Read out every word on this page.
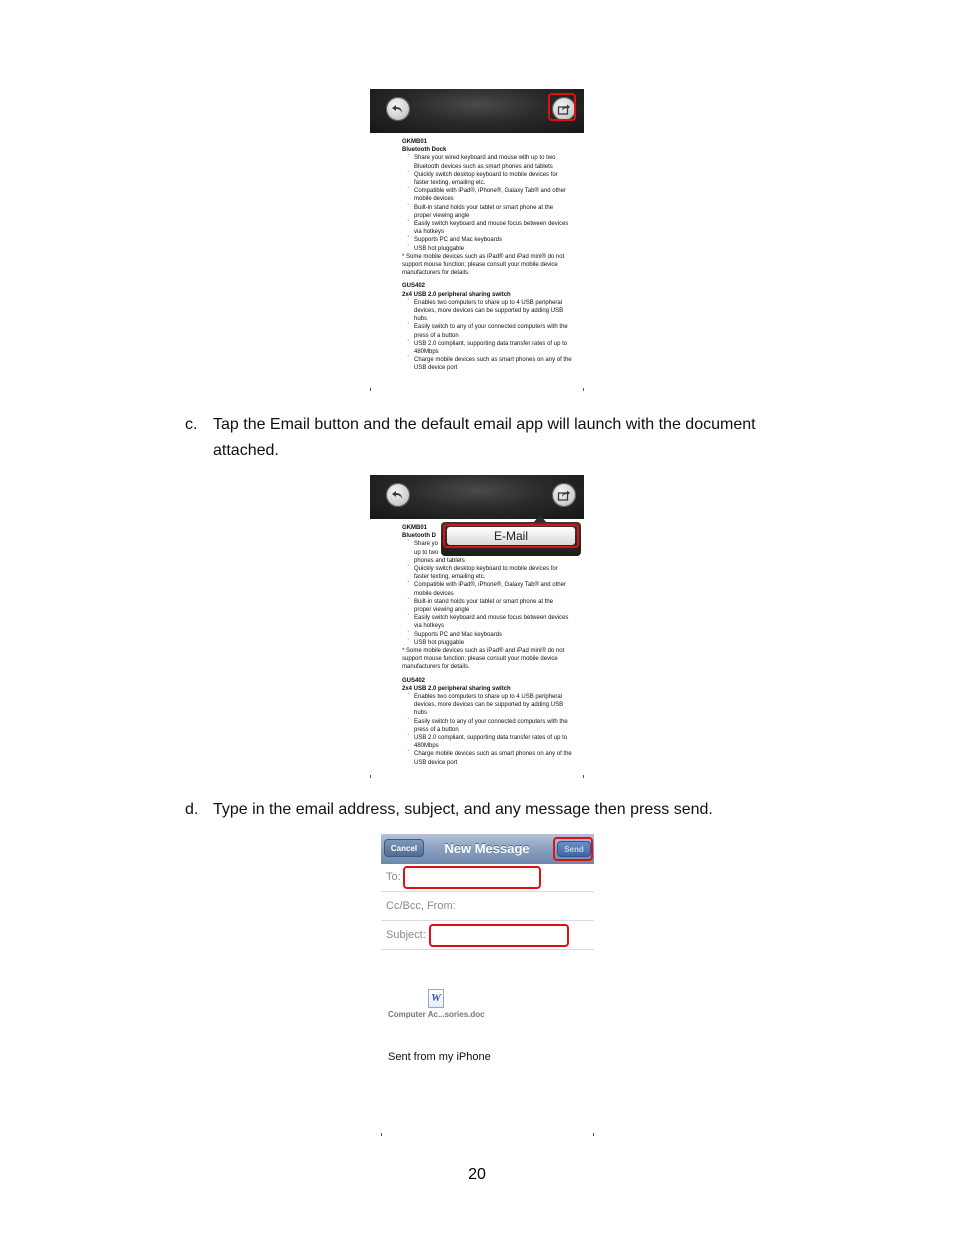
GKMB01
Bluetooth Dock
· Share your wired keyboard and mouse with up to two Bluetooth devices such as smart phones and tablets
· Quickly switch desktop keyboard to mobile devices for faster texting, emailing etc.
· Compatible with iPad®, iPhone®, Galaxy Tab® and other mobile devices
· Built-in stand holds your tablet or smart phone at the proper viewing angle
· Easily switch keyboard and mouse focus between devices via hotkeys
· Supports PC and Mac keyboards
· USB hot pluggable
* Some mobile devices such as iPad® and iPad mini® do not support mouse function; please consult your mobile device manufacturers for details.
GUS402
2x4 USB 2.0 peripheral sharing switch
· Enables two computers to share up to 4 USB peripheral devices, more devices can be supported by adding USB hubs
· Easily switch to any of your connected computers with the press of a button
· USB 2.0 compliant, supporting data transfer rates of up to 480Mbps
· Charge mobile devices such as smart phones on any of the USB device port
c. Tap the Email button and the default email app will launch with the document attached.
GKMB01
Bluetooth D
· Share yo
up to two
phones and tablets
· Quickly switch desktop keyboard to mobile devices for faster texting, emailing etc.
· Compatible with iPad®, iPhone®, Galaxy Tab® and other mobile devices
· Built-in stand holds your tablet or smart phone at the proper viewing angle
· Easily switch keyboard and mouse focus between devices via hotkeys
· Supports PC and Mac keyboards
· USB hot pluggable
* Some mobile devices such as iPad® and iPad mini® do not support mouse function; please consult your mobile device manufacturers for details.
GUS402
2x4 USB 2.0 peripheral sharing switch
· Enables two computers to share up to 4 USB peripheral devices, more devices can be supported by adding USB hubs
· Easily switch to any of your connected computers with the press of a button
· USB 2.0 compliant, supporting data transfer rates of up to 480Mbps
· Charge mobile devices such as smart phones on any of the USB device port
E-Mail
d. Type in the email address, subject, and any message then press send.
Cancel	New Message	Send
To:
Cc/Bcc, From:
Subject:
W
Computer Ac...sories.doc
Sent from my iPhone
20
